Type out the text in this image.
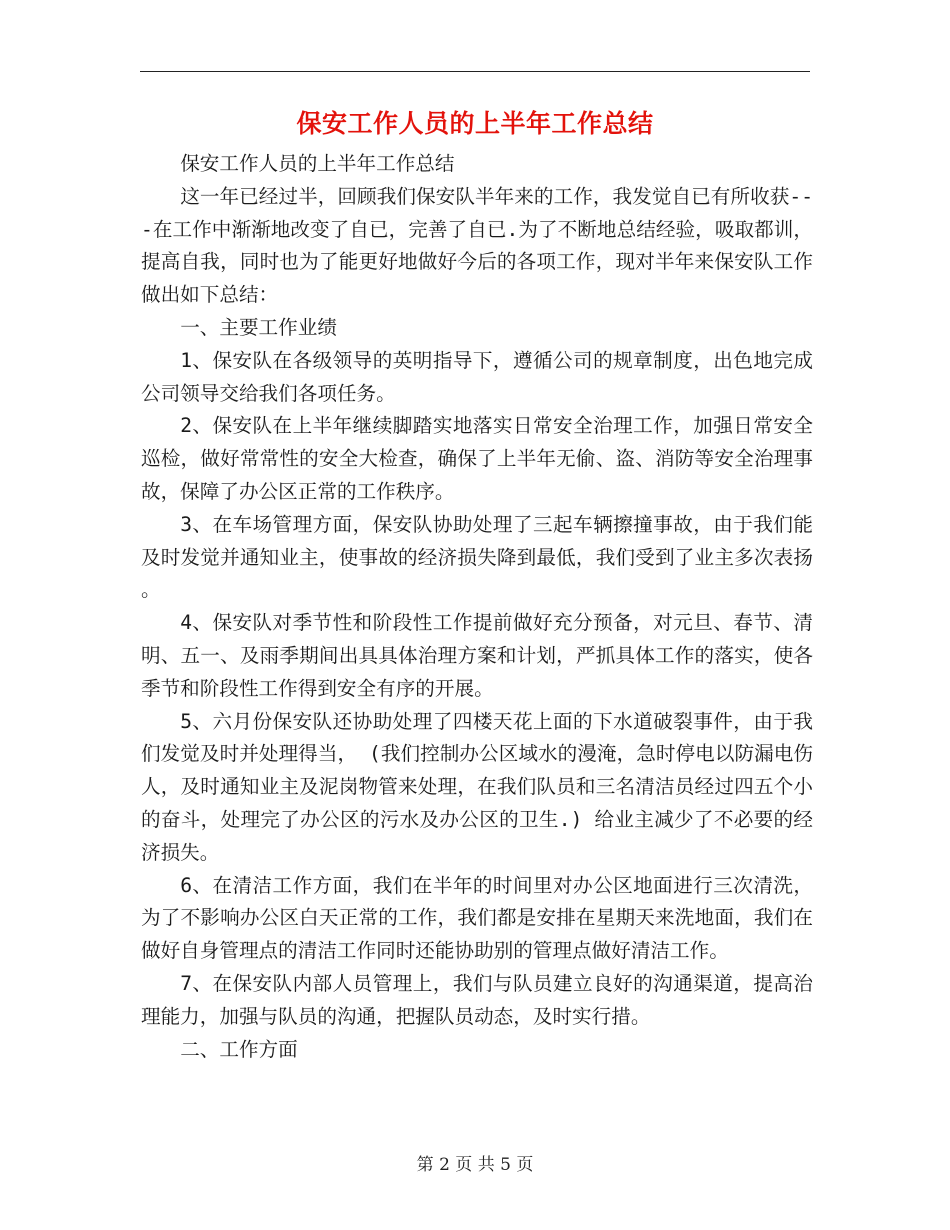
保安工作人员的上半年工作总结

保安工作人员的上半年工作总结

这一年已经过半，回顾我们保安队半年来的工作，我发觉自已有所收获---在工作中渐渐地改变了自已，完善了自已.为了不断地总结经验，吸取都训，提高自我，同时也为了能更好地做好今后的各项工作，现对半年来保安队工作做出如下总结：

一、主要工作业绩

1、保安队在各级领导的英明指导下，遵循公司的规章制度，出色地完成公司领导交给我们各项任务。

2、保安队在上半年继续脚踏实地落实日常安全治理工作，加强日常安全巡检，做好常常性的安全大检查，确保了上半年无偷、盗、消防等安全治理事故，保障了办公区正常的工作秩序。

3、在车场管理方面，保安队协助处理了三起车辆擦撞事故，由于我们能及时发觉并通知业主，使事故的经济损失降到最低，我们受到了业主多次表扬。

4、保安队对季节性和阶段性工作提前做好充分预备，对元旦、春节、清明、五一、及雨季期间出具具体治理方案和计划，严抓具体工作的落实，使各季节和阶段性工作得到安全有序的开展。

5、六月份保安队还协助处理了四楼天花上面的下水道破裂事件，由于我们发觉及时并处理得当， (我们控制办公区域水的漫淹，急时停电以防漏电伤人，及时通知业主及泥岗物管来处理，在我们队员和三名清洁员经过四五个小的奋斗，处理完了办公区的污水及办公区的卫生.) 给业主减少了不必要的经济损失。

6、在清洁工作方面，我们在半年的时间里对办公区地面进行三次清洗，为了不影响办公区白天正常的工作，我们都是安排在星期天来洗地面，我们在做好自身管理点的清洁工作同时还能协助别的管理点做好清洁工作。

7、在保安队内部人员管理上，我们与队员建立良好的沟通渠道，提高治理能力，加强与队员的沟通，把握队员动态，及时实行措。

二、工作方面

第 2 页 共 5 页
